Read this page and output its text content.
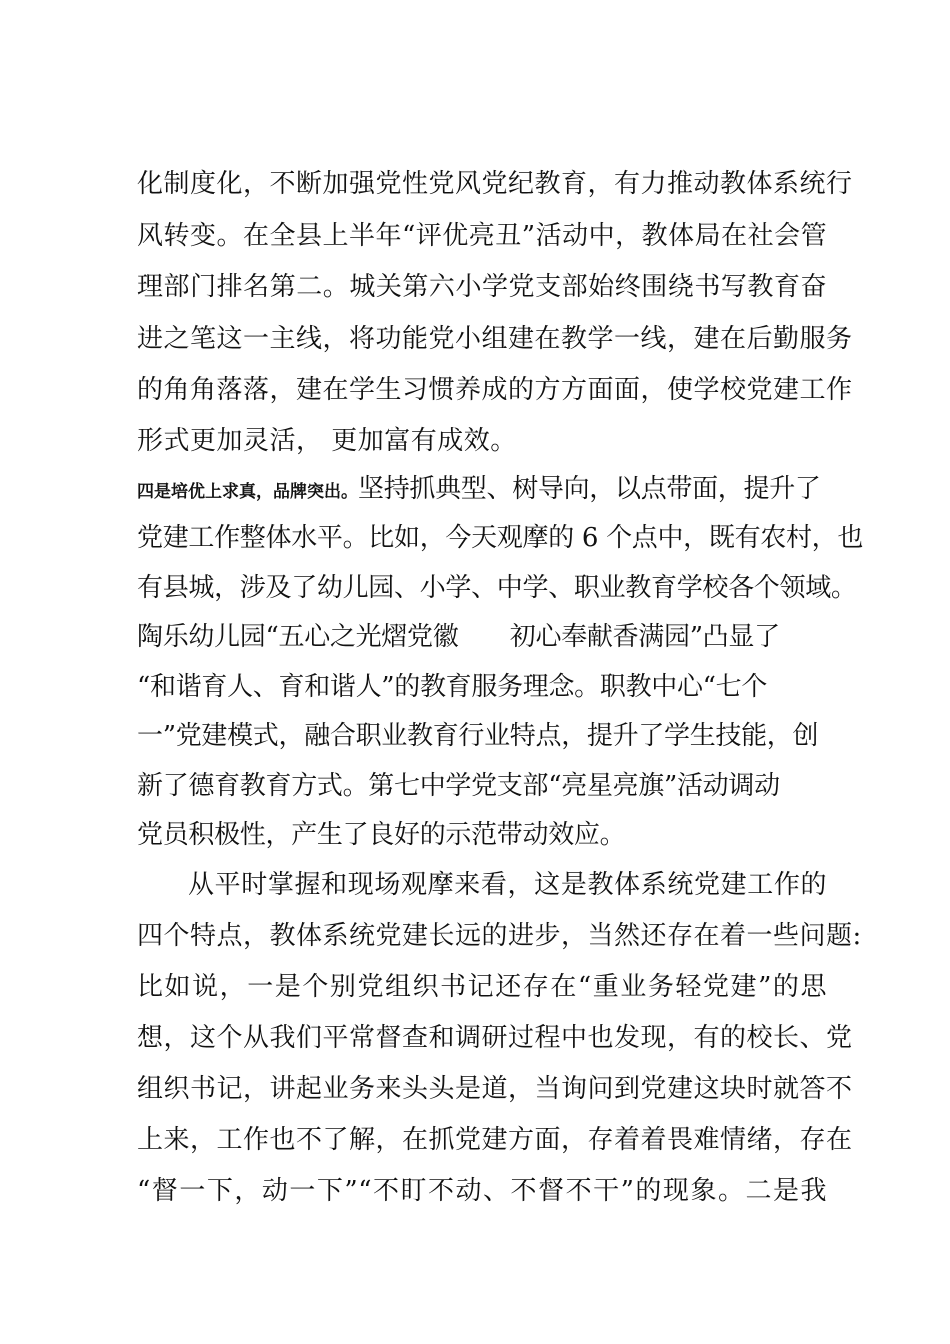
化制度化，不断加强党性党风党纪教育，有力推动教体系统行
风转变。在全县上半年“评优亮丑”活动中，教体局在社会管
理部门排名第二。城关第六小学党支部始终围绕书写教育奋
进之笔这一主线，将功能党小组建在教学一线，建在后勤服务
的角角落落，建在学生习惯养成的方方面面，使学校党建工作
形式更加灵活， 更加富有成效。
四是培优上求真，品牌突出。坚持抓典型、树导向，以点带面，提升了
党建工作整体水平。比如，今天观摩的 6 个点中，既有农村，也
有县城，涉及了幼儿园、小学、中学、职业教育学校各个领域。
陶乐幼儿园“五心之光熠党徽　　初心奉献香满园”凸显了
“和谐育人、育和谐人”的教育服务理念。职教中心“七个
一”党建模式，融合职业教育行业特点，提升了学生技能，创
新了德育教育方式。第七中学党支部“亮星亮旗”活动调动
党员积极性，产生了良好的示范带动效应。
从平时掌握和现场观摩来看，这是教体系统党建工作的
四个特点，教体系统党建长远的进步，当然还存在着一些问题:
比如说，一是个别党组织书记还存在“重业务轻党建”的思
想，这个从我们平常督查和调研过程中也发现，有的校长、党
组织书记，讲起业务来头头是道，当询问到党建这块时就答不
上来，工作也不了解，在抓党建方面，存着着畏难情绪，存在
“督一下，动一下”“不盯不动、不督不干”的现象。二是我
